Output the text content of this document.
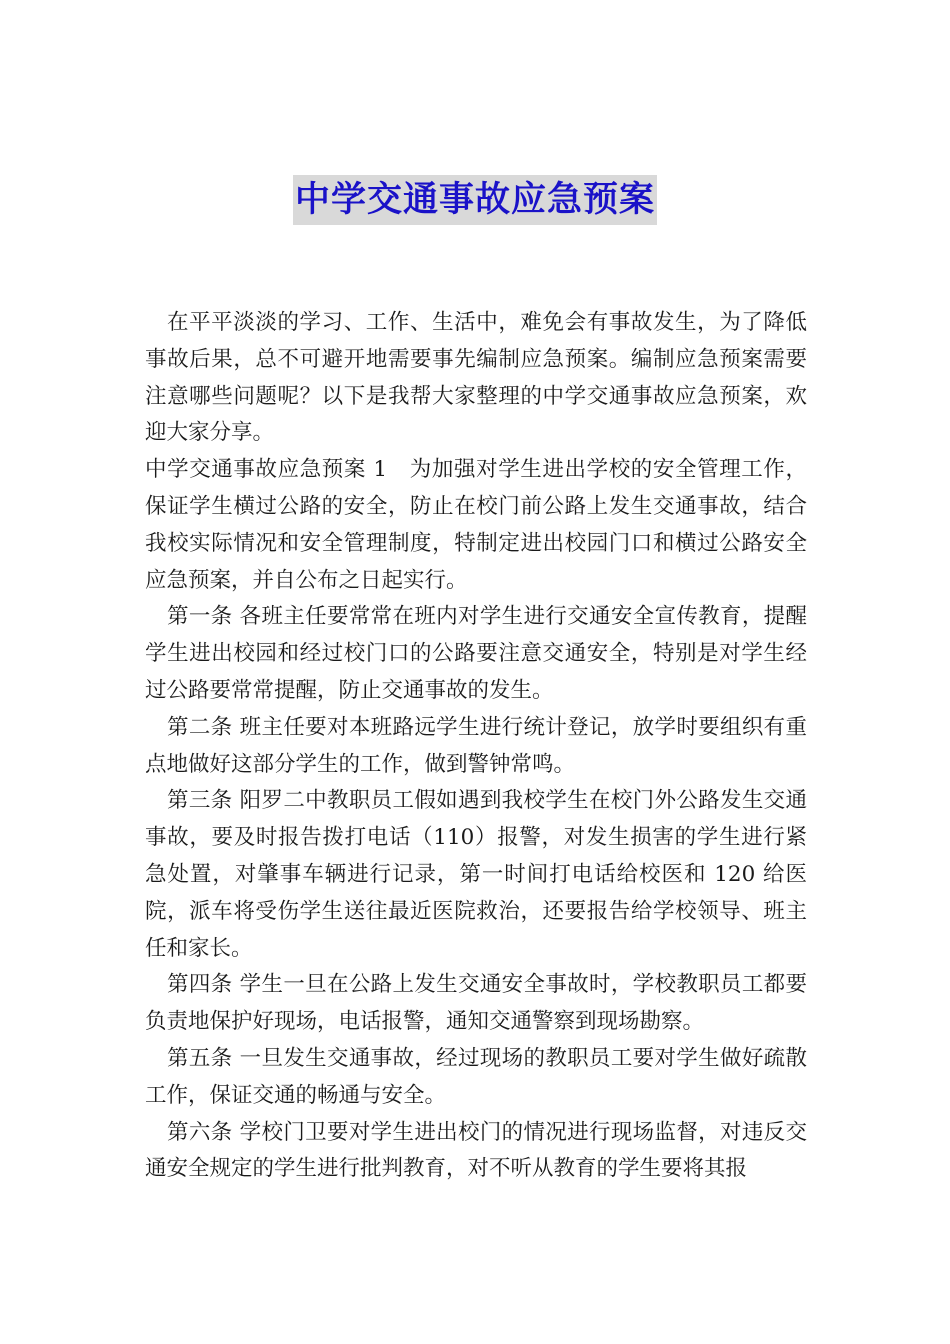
中学交通事故应急预案

在平平淡淡的学习、工作、生活中，难免会有事故发生，为了降低事故后果，总不可避开地需要事先编制应急预案。编制应急预案需要注意哪些问题呢？以下是我帮大家整理的中学交通事故应急预案，欢迎大家分享。

中学交通事故应急预案 1　为加强对学生进出学校的安全管理工作，保证学生横过公路的安全，防止在校门前公路上发生交通事故，结合我校实际情况和安全管理制度，特制定进出校园门口和横过公路安全应急预案，并自公布之日起实行。

第一条 各班主任要常常在班内对学生进行交通安全宣传教育，提醒学生进出校园和经过校门口的公路要注意交通安全，特别是对学生经过公路要常常提醒，防止交通事故的发生。

第二条 班主任要对本班路远学生进行统计登记，放学时要组织有重点地做好这部分学生的工作，做到警钟常鸣。

第三条 阳罗二中教职员工假如遇到我校学生在校门外公路发生交通事故，要及时报告拨打电话（110）报警，对发生损害的学生进行紧急处置，对肇事车辆进行记录，第一时间打电话给校医和 120 给医院，派车将受伤学生送往最近医院救治，还要报告给学校领导、班主任和家长。

第四条 学生一旦在公路上发生交通安全事故时，学校教职员工都要负责地保护好现场，电话报警，通知交通警察到现场勘察。

第五条 一旦发生交通事故，经过现场的教职员工要对学生做好疏散工作，保证交通的畅通与安全。

第六条 学校门卫要对学生进出校门的情况进行现场监督，对违反交通安全规定的学生进行批判教育，对不听从教育的学生要将其报
